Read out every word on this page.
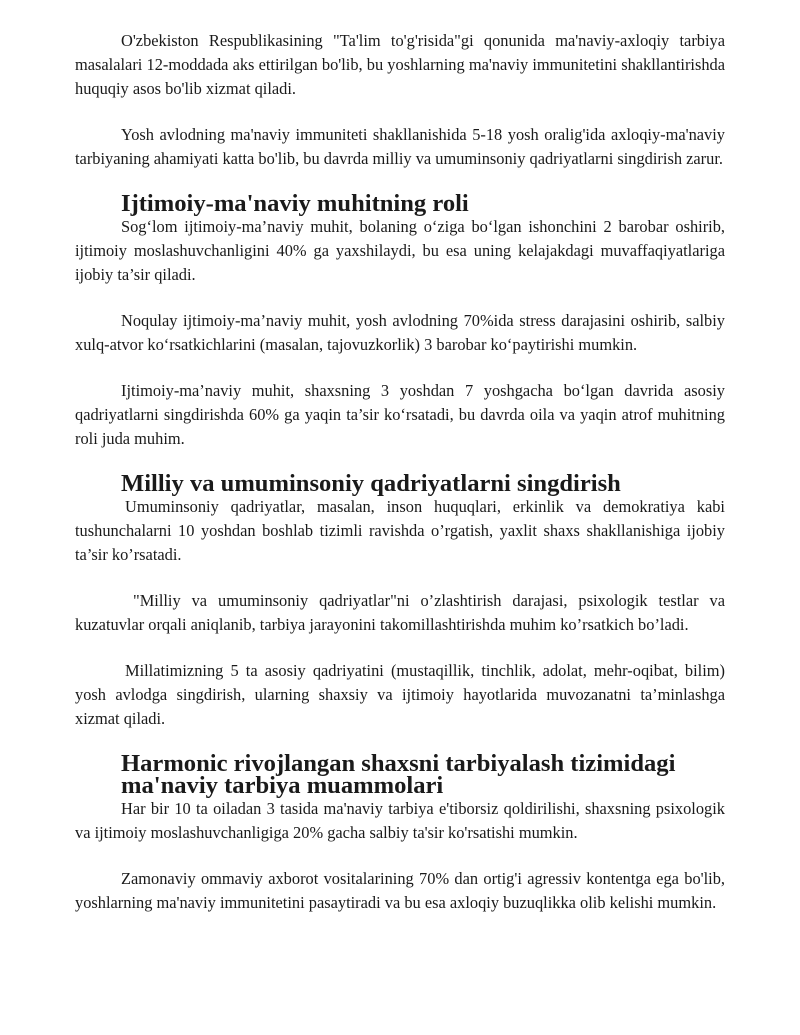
O'zbekiston Respublikasining "Ta'lim to'g'risida"gi qonunida ma'naviy-axloqiy tarbiya masalalari 12-moddada aks ettirilgan bo'lib, bu yoshlarning ma'naviy immunitetini shakllantirishda huquqiy asos bo'lib xizmat qiladi.

Yosh avlodning ma'naviy immuniteti shakllanishida 5-18 yosh oralig'ida axloqiy-ma'naviy tarbiyaning ahamiyati katta bo'lib, bu davrda milliy va umuminsoniy qadriyatlarni singdirish zarur.

Ijtimoiy-ma'naviy muhitning roli

Sog‘lom ijtimoiy-ma’naviy muhit, bolaning o‘ziga bo‘lgan ishonchini 2 barobar oshirib, ijtimoiy moslashuvchanligini 40% ga yaxshilaydi, bu esa uning kelajakdagi muvaffaqiyatlariga ijobiy ta’sir qiladi.

Noqulay ijtimoiy-ma’naviy muhit, yosh avlodning 70%ida stress darajasini oshirib, salbiy xulq-atvor ko‘rsatkichlarini (masalan, tajovuzkorlik) 3 barobar ko‘paytirishi mumkin.

Ijtimoiy-ma’naviy muhit, shaxsning 3 yoshdan 7 yoshgacha bo‘lgan davrida asosiy qadriyatlarni singdirishda 60% ga yaqin ta’sir ko‘rsatadi, bu davrda oila va yaqin atrof muhitning roli juda muhim.

Milliy va umuminsoniy qadriyatlarni singdirish

Umuminsoniy qadriyatlar, masalan, inson huquqlari, erkinlik va demokratiya kabi tushunchalarni 10 yoshdan boshlab tizimli ravishda o’rgatish, yaxlit shaxs shakllanishiga ijobiy ta’sir ko’rsatadi.

"Milliy va umuminsoniy qadriyatlar"ni o’zlashtirish darajasi, psixologik testlar va kuzatuvlar orqali aniqlanib, tarbiya jarayonini takomillashtirishda muhim ko’rsatkich bo’ladi.

Millatimizning 5 ta asosiy qadriyatini (mustaqillik, tinchlik, adolat, mehr-oqibat, bilim) yosh avlodga singdirish, ularning shaxsiy va ijtimoiy hayotlarida muvozanatni ta’minlashga xizmat qiladi.

Harmonic rivojlangan shaxsni tarbiyalash tizimidagi ma'naviy tarbiya muammolari

Har bir 10 ta oiladan 3 tasida ma'naviy tarbiya e'tiborsiz qoldirilishi, shaxsning psixologik va ijtimoiy moslashuvchanligiga 20% gacha salbiy ta'sir ko'rsatishi mumkin.

Zamonaviy ommaviy axborot vositalarining 70% dan ortig'i agressiv kontentga ega bo'lib, yoshlarning ma'naviy immunitetini pasaytiradi va bu esa axloqiy buzuqlikka olib kelishi mumkin.
